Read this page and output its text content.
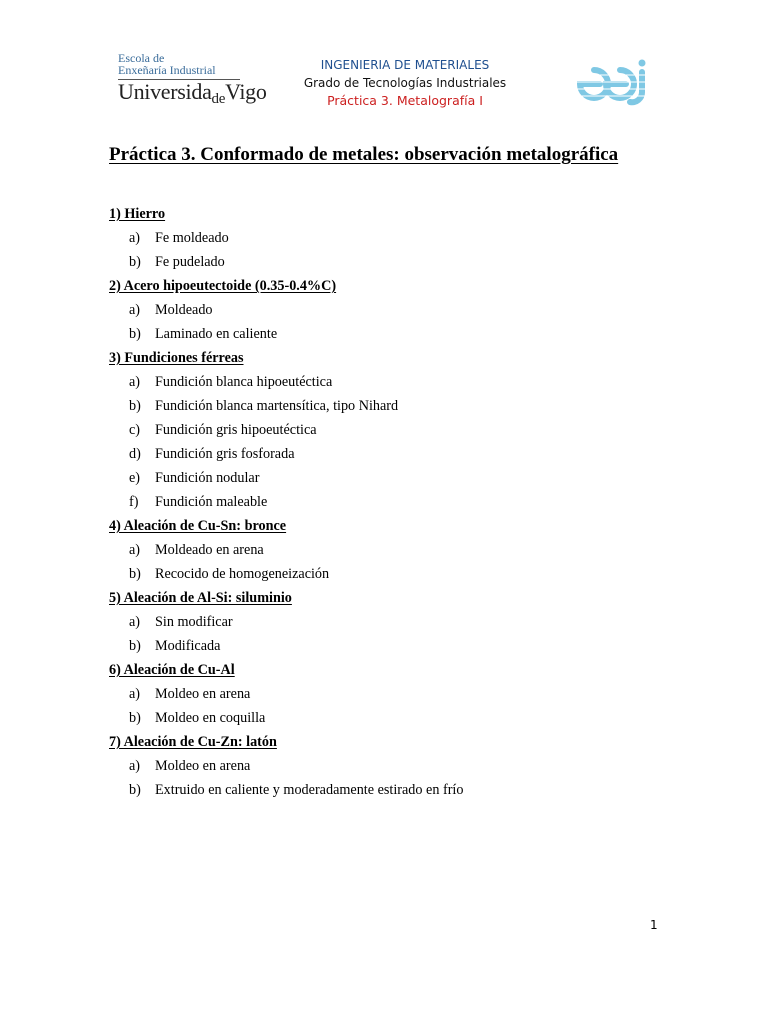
Escola de
Enxeñaría Industrial
UniversidadeVigo
INGENIERIA DE MATERIALES
Grado de Tecnologías Industriales
Práctica 3. Metalografía I
Práctica 3. Conformado de metales: observación metalográfica
1) Hierro
a) Fe moldeado
b) Fe pudelado
2) Acero hipoeutectoide (0.35-0.4%C)
a) Moldeado
b) Laminado en caliente
3) Fundiciones férreas
a) Fundición blanca hipoeutéctica
b) Fundición blanca martensítica, tipo Nihard
c) Fundición gris hipoeutéctica
d) Fundición gris fosforada
e) Fundición nodular
f) Fundición maleable
4) Aleación de Cu-Sn: bronce
a) Moldeado en arena
b) Recocido de homogeneización
5) Aleación de Al-Si: siluminio
a) Sin modificar
b) Modificada
6) Aleación de Cu-Al
a) Moldeo en arena
b) Moldeo en coquilla
7) Aleación de Cu-Zn: latón
a) Moldeo en arena
b) Extruido en caliente y moderadamente estirado en frío
1
